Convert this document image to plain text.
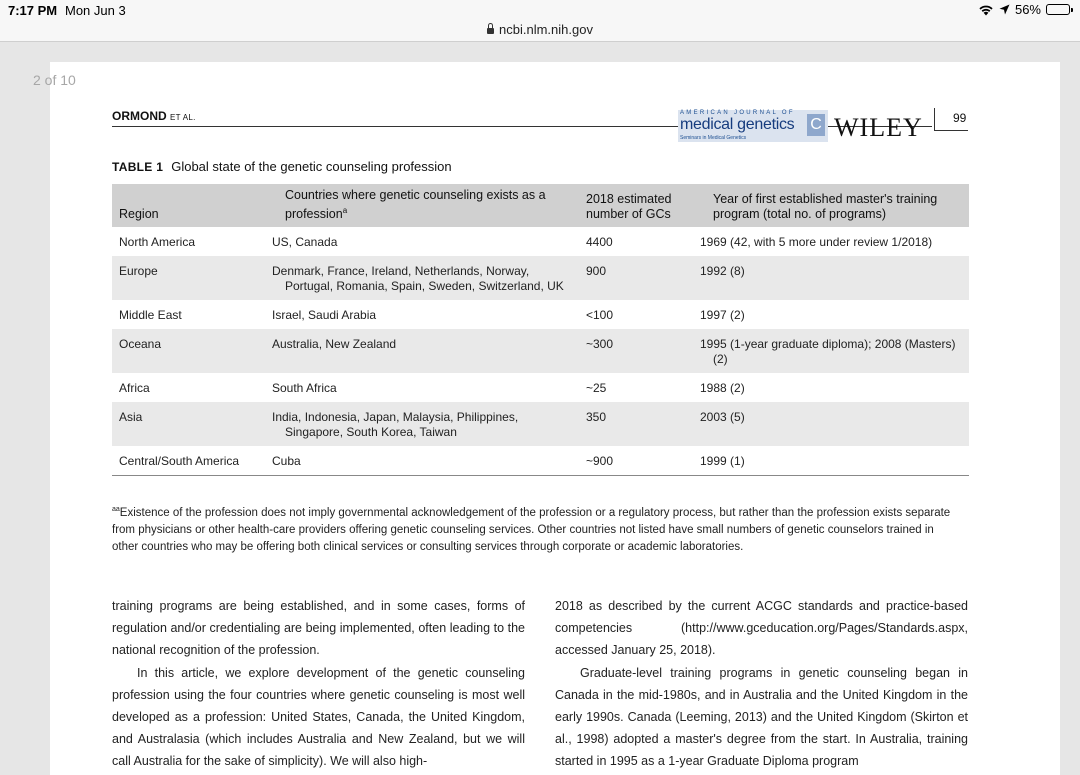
7:17 PM Mon Jun 3	56%
ncbi.nlm.nih.gov
ORMOND ET AL.	AMERICAN JOURNAL OF
medical genetics
Seminars in Medical Genetics
C WILEY	99
TABLE 1 Global state of the genetic counseling profession
Region	Countries where genetic counseling exists as a profession$^a$	2018 estimated number of GCs	Year of first established master's training program (total no. of programs)
North America	US, Canada	4400	1969 (42, with 5 more under review 1/2018)
Europe	Denmark, France, Ireland, Netherlands, Norway, Portugal, Romania, Spain, Sweden, Switzerland, UK	900	1992 (8)
Middle East	Israel, Saudi Arabia	<100	1997 (2)
Oceana	Australia, New Zealand	~300	1995 (1-year graduate diploma); 2008 (Masters) (2)
Africa	South Africa	~25	1988 (2)
Asia	India, Indonesia, Japan, Malaysia, Philippines, Singapore, South Korea, Taiwan	350	2003 (5)
Central/South America	Cuba	~900	1999 (1)
$^{aa}$Existence of the profession does not imply governmental acknowledgement of the profession or a regulatory process, but rather than the profession exists separate from physicians or other health-care providers offering genetic counseling services. Other countries not listed have small numbers of genetic counselors trained in other countries who may be offering both clinical services or consulting services through corporate or academic laboratories.

training programs are being established, and in some cases, forms of regulation and/or credentialing are being implemented, often leading to the national recognition of the profession.

In this article, we explore development of the genetic counseling profession using the four countries where genetic counseling is most well developed as a profession: United States, Canada, the United Kingdom, and Australasia (which includes Australia and New Zealand, but we will call Australia for the sake of simplicity). We will also high-

2018 as described by the current ACGC standards and practice-based competencies (http://www.gceducation.org/Pages/Standards.aspx, accessed January 25, 2018).

Graduate-level training programs in genetic counseling began in Canada in the mid-1980s, and in Australia and the United Kingdom in the early 1990s. Canada (Leeming, 2013) and the United Kingdom (Skirton et al., 1998) adopted a master's degree from the start. In Australia, training started in 1995 as a 1-year Graduate Diploma program

2 of 10
